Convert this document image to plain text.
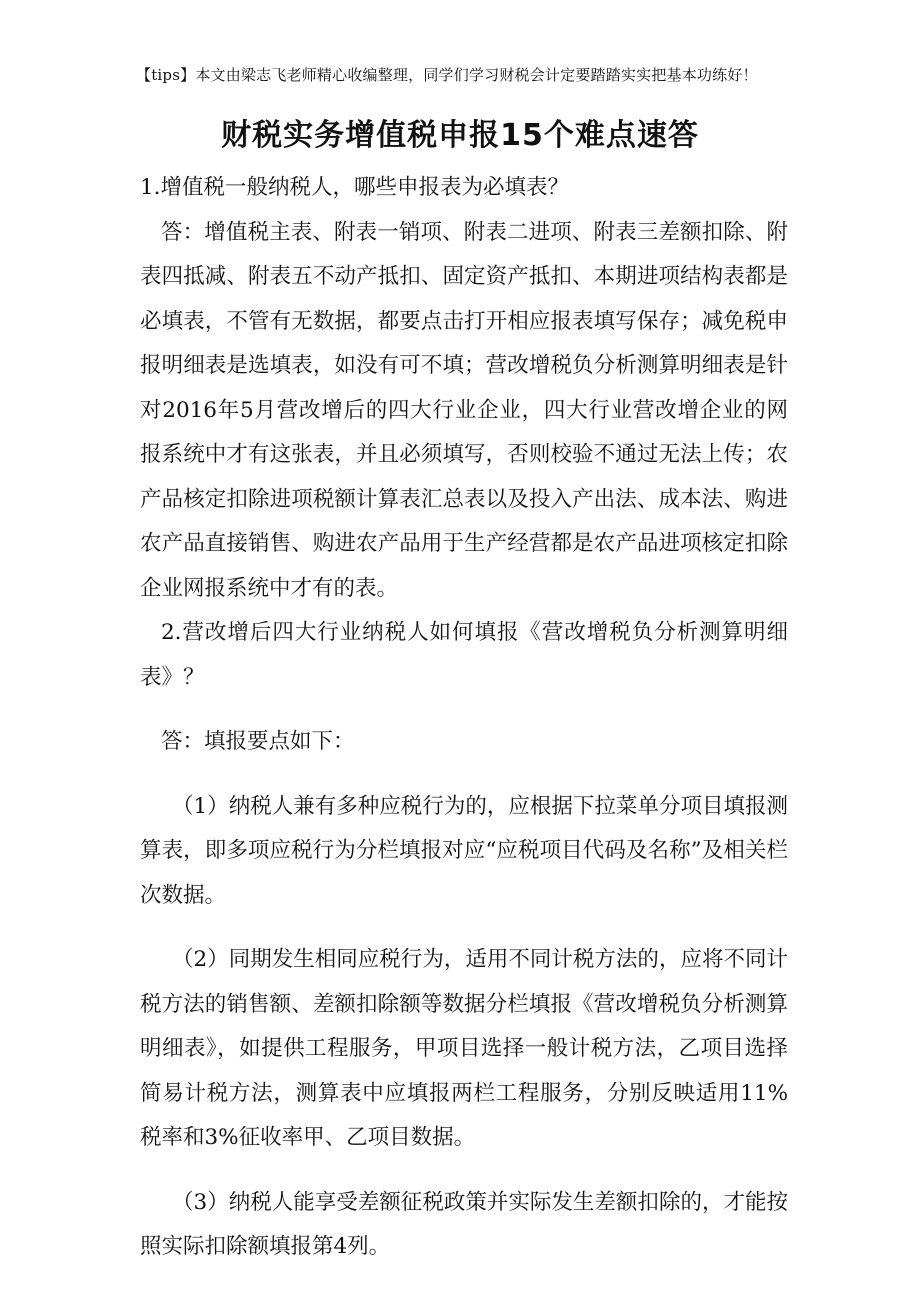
【tips】本文由梁志飞老师精心收编整理，同学们学习财税会计定要踏踏实实把基本功练好！
财税实务增值税申报15个难点速答

1.增值税一般纳税人，哪些申报表为必填表？

答：增值税主表、附表一销项、附表二进项、附表三差额扣除、附表四抵减、附表五不动产抵扣、固定资产抵扣、本期进项结构表都是必填表，不管有无数据，都要点击打开相应报表填写保存；减免税申报明细表是选填表，如没有可不填；营改增税负分析测算明细表是针对2016年5月营改增后的四大行业企业，四大行业营改增企业的网报系统中才有这张表，并且必须填写，否则校验不通过无法上传；农产品核定扣除进项税额计算表汇总表以及投入产出法、成本法、购进农产品直接销售、购进农产品用于生产经营都是农产品进项核定扣除企业网报系统中才有的表。

2.营改增后四大行业纳税人如何填报《营改增税负分析测算明细表》？

答：填报要点如下：

（1）纳税人兼有多种应税行为的，应根据下拉菜单分项目填报测算表，即多项应税行为分栏填报对应“应税项目代码及名称”及相关栏次数据。

（2）同期发生相同应税行为，适用不同计税方法的，应将不同计税方法的销售额、差额扣除额等数据分栏填报《营改增税负分析测算明细表》，如提供工程服务，甲项目选择一般计税方法，乙项目选择简易计税方法，测算表中应填报两栏工程服务，分别反映适用11%税率和3%征收率甲、乙项目数据。

（3）纳税人能享受差额征税政策并实际发生差额扣除的，才能按照实际扣除额填报第4列。
